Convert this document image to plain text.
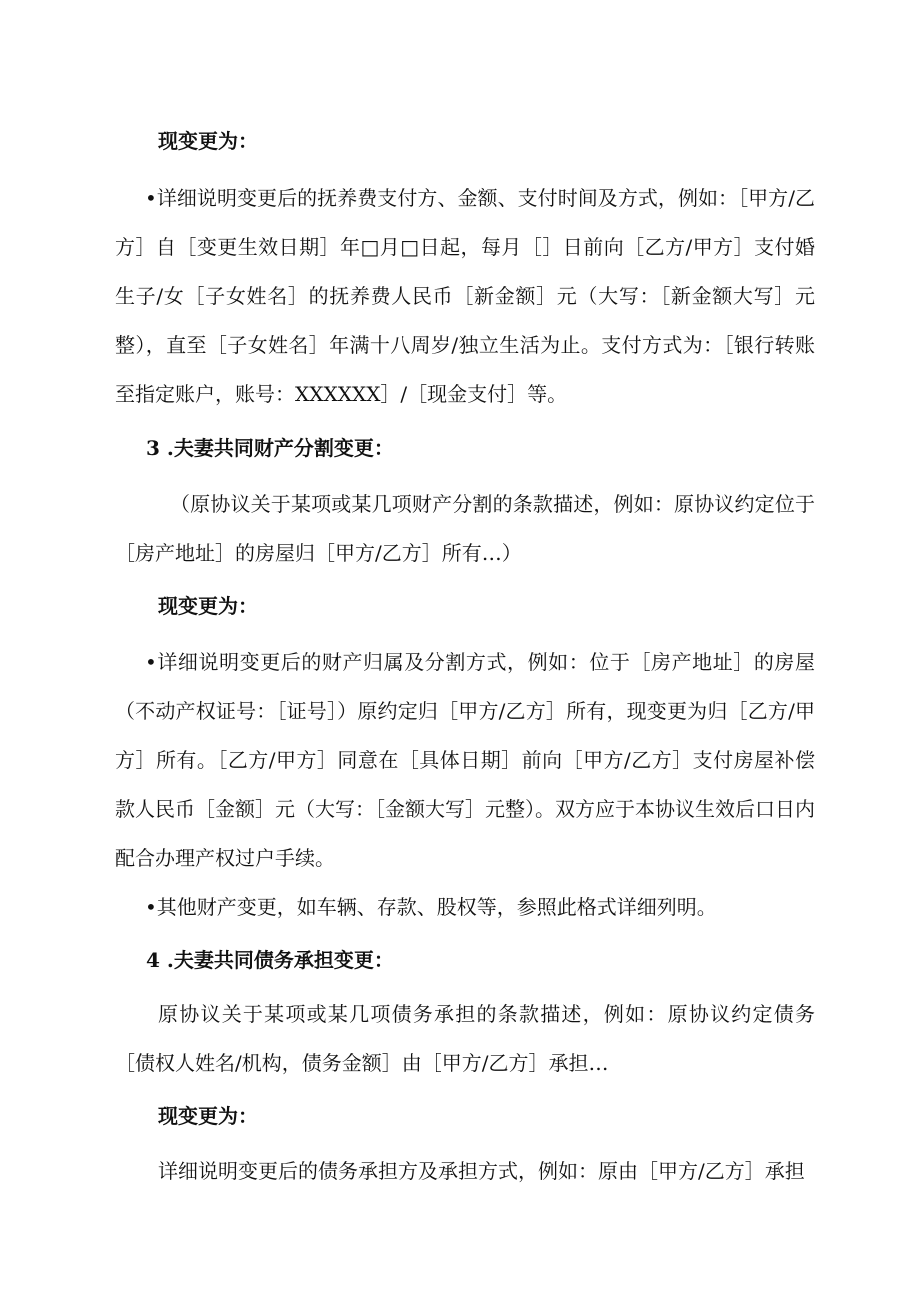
现变更为：
•详细说明变更后的抚养费支付方、金额、支付时间及方式，例如：［甲方/乙方］自［变更生效日期］年□月□日起，每月［］日前向［乙方/甲方］支付婚生子/女［子女姓名］的抚养费人民币［新金额］元（大写：［新金额大写］元整），直至［子女姓名］年满十八周岁/独立生活为止。支付方式为：［银行转账至指定账户，账号：XXXXXX］/［现金支付］等。
3 .夫妻共同财产分割变更：
（原协议关于某项或某几项财产分割的条款描述，例如：原协议约定位于［房产地址］的房屋归［甲方/乙方］所有…）
现变更为：
•详细说明变更后的财产归属及分割方式，例如：位于［房产地址］的房屋（不动产权证号：［证号］）原约定归［甲方/乙方］所有，现变更为归［乙方/甲方］所有。［乙方/甲方］同意在［具体日期］前向［甲方/乙方］支付房屋补偿款人民币［金额］元（大写：［金额大写］元整）。双方应于本协议生效后口日内配合办理产权过户手续。
•其他财产变更，如车辆、存款、股权等，参照此格式详细列明。
4 .夫妻共同债务承担变更：
原协议关于某项或某几项债务承担的条款描述，例如：原协议约定债务［债权人姓名/机构，债务金额］由［甲方/乙方］承担…
现变更为：
详细说明变更后的债务承担方及承担方式，例如：原由［甲方/乙方］承担
